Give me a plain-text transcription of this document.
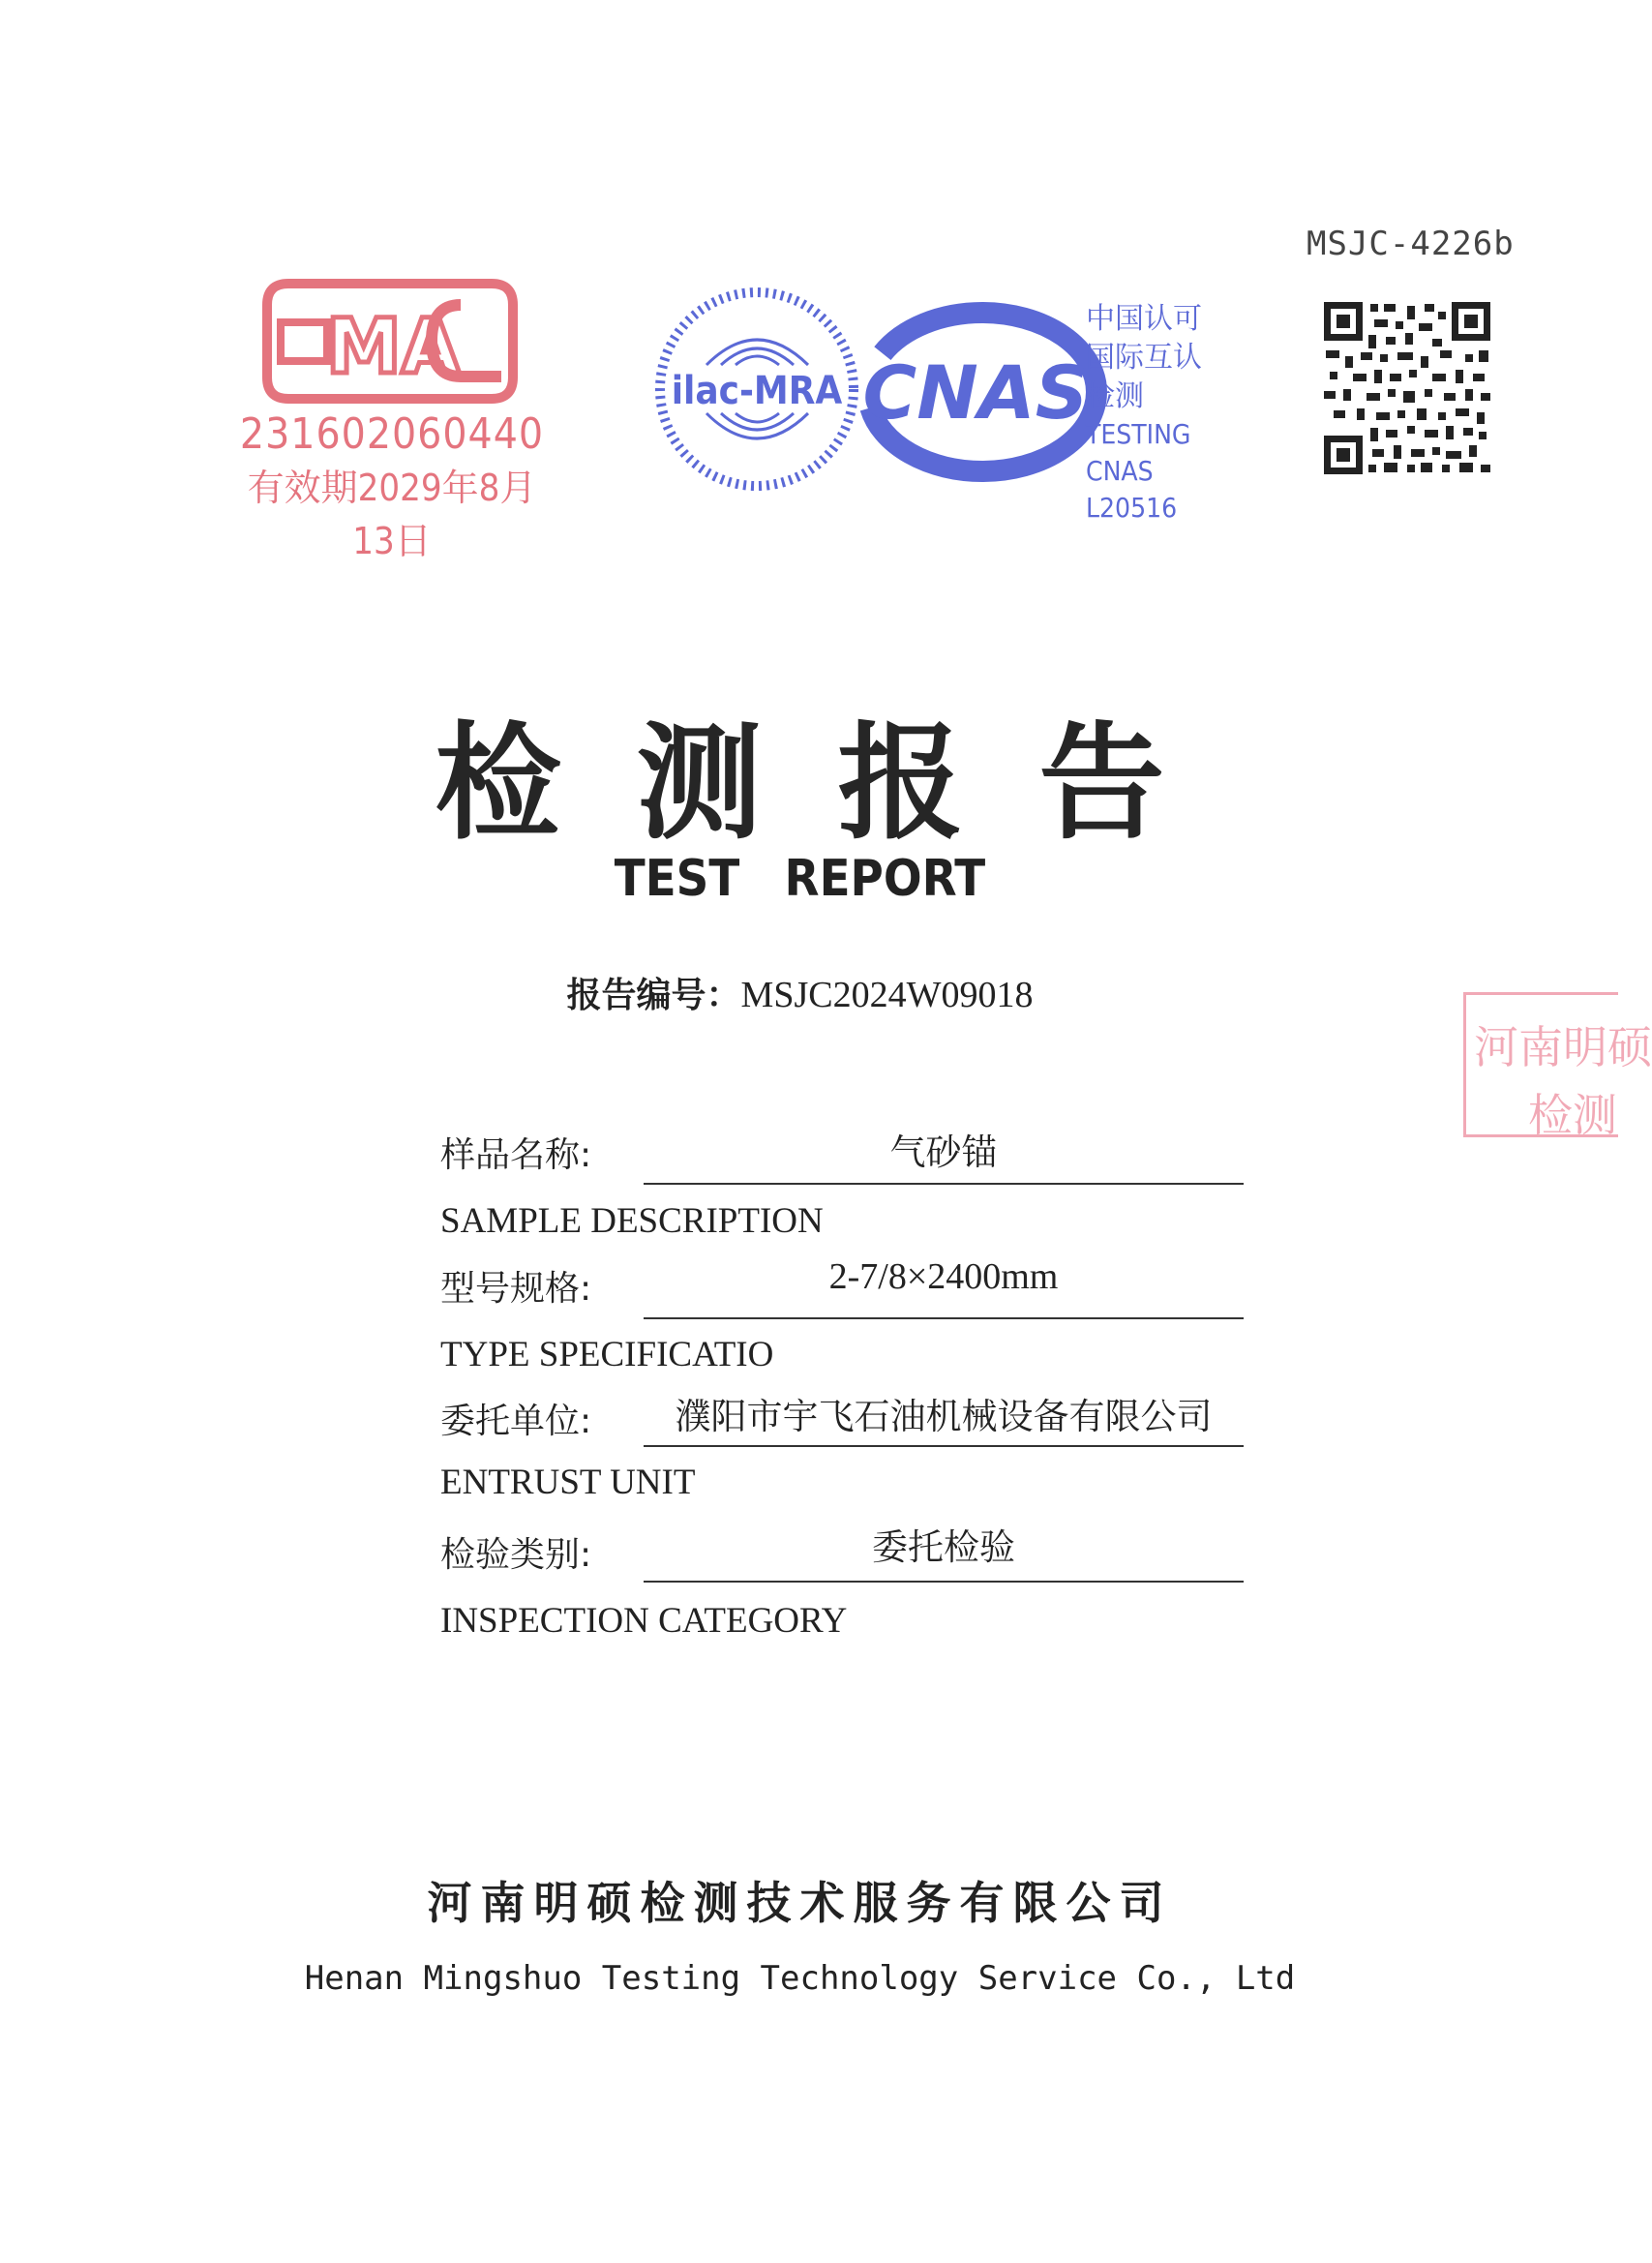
MSJC-4226b
MA
231602060440
有效期2029年8月13日
ilac-MRA CNAS
中国认可
国际互认
检测
TESTING
CNAS L20516
检测报告
TEST REPORT
报告编号：MSJC2024W09018
河南明硕
检测
样品名称:	气砂锚
SAMPLE DESCRIPTION
型号规格:	2-7/8×2400mm
TYPE SPECIFICATIO
委托单位:	濮阳市宇飞石油机械设备有限公司
ENTRUST UNIT
检验类别:	委托检验
INSPECTION CATEGORY
河南明硕检测技术服务有限公司
Henan Mingshuo Testing Technology Service Co., Ltd
